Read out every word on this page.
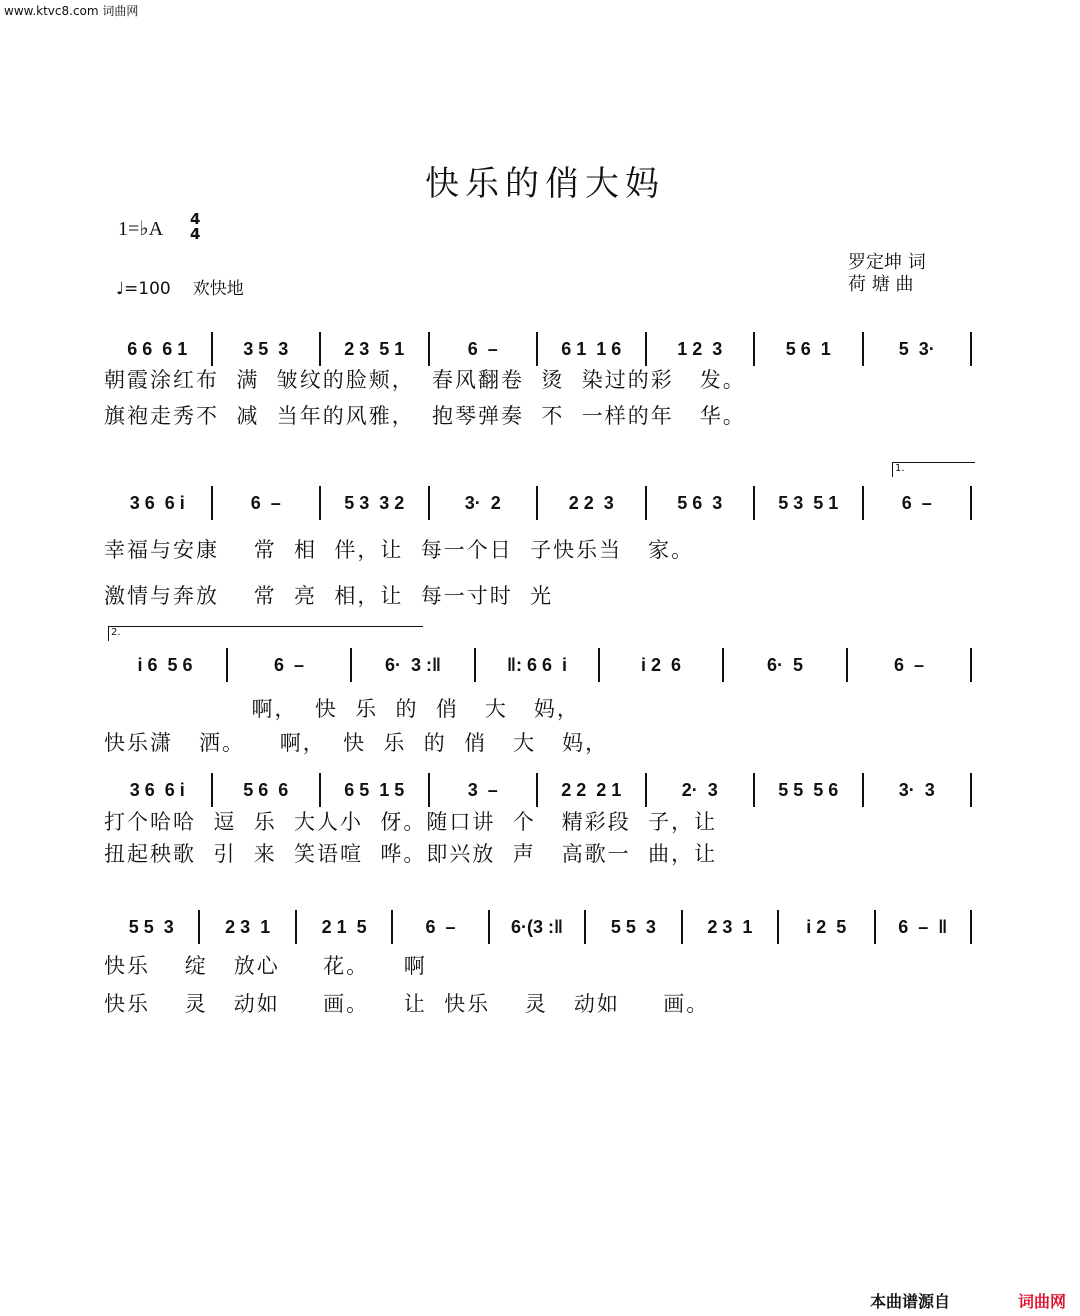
www.ktvc8.com 词曲网
快乐的俏大妈
1=♭A 4
4
♩=100 欢快地
罗定坤 词
荷 塘 曲
6 6  6 1	3 5  3	2 3  5 1	6  –	6 1  1 6	1 2  3	5 6  1	5  3·
朝霞涂红布  满  皱纹的脸颊，  春风翻卷  烫  染过的彩   发。
旗袍走秀不  减  当年的风雅，  抱琴弹奏  不  一样的年   华。
3 6  6 i	6  –	5 3  3 2	3·  2	2 2  3	5 6  3	5 3  5 1	6  –
1.
幸福与安康    常  相  伴，让  每一个日  子快乐当   家。
激情与奔放    常  亮  相，让  每一寸时  光
i 6  5 6	6  –	6·  3 :‖	‖: 6 6  i	i 2  6	6·  5	6  –
2.
啊，  快  乐  的  俏   大   妈，
快乐潇   洒。    啊，  快  乐  的  俏   大   妈，
3 6  6 i	5 6  6	6 5  1 5	3  –	2 2  2 1	2·  3	5 5  5 6	3·  3
打个哈哈  逗  乐  大人小  伢。随口讲  个   精彩段  子，让
扭起秧歌  引  来  笑语喧  哗。即兴放  声   高歌一  曲，让
5 5  3	2 3  1	2 1  5	6  –	6·(3 :‖	5 5  3	2 3  1	i 2  5	6  –  ‖
快乐    绽   放心     花。    啊
快乐    灵   动如     画。    让  快乐    灵   动如     画。
本曲谱源自	词曲网
